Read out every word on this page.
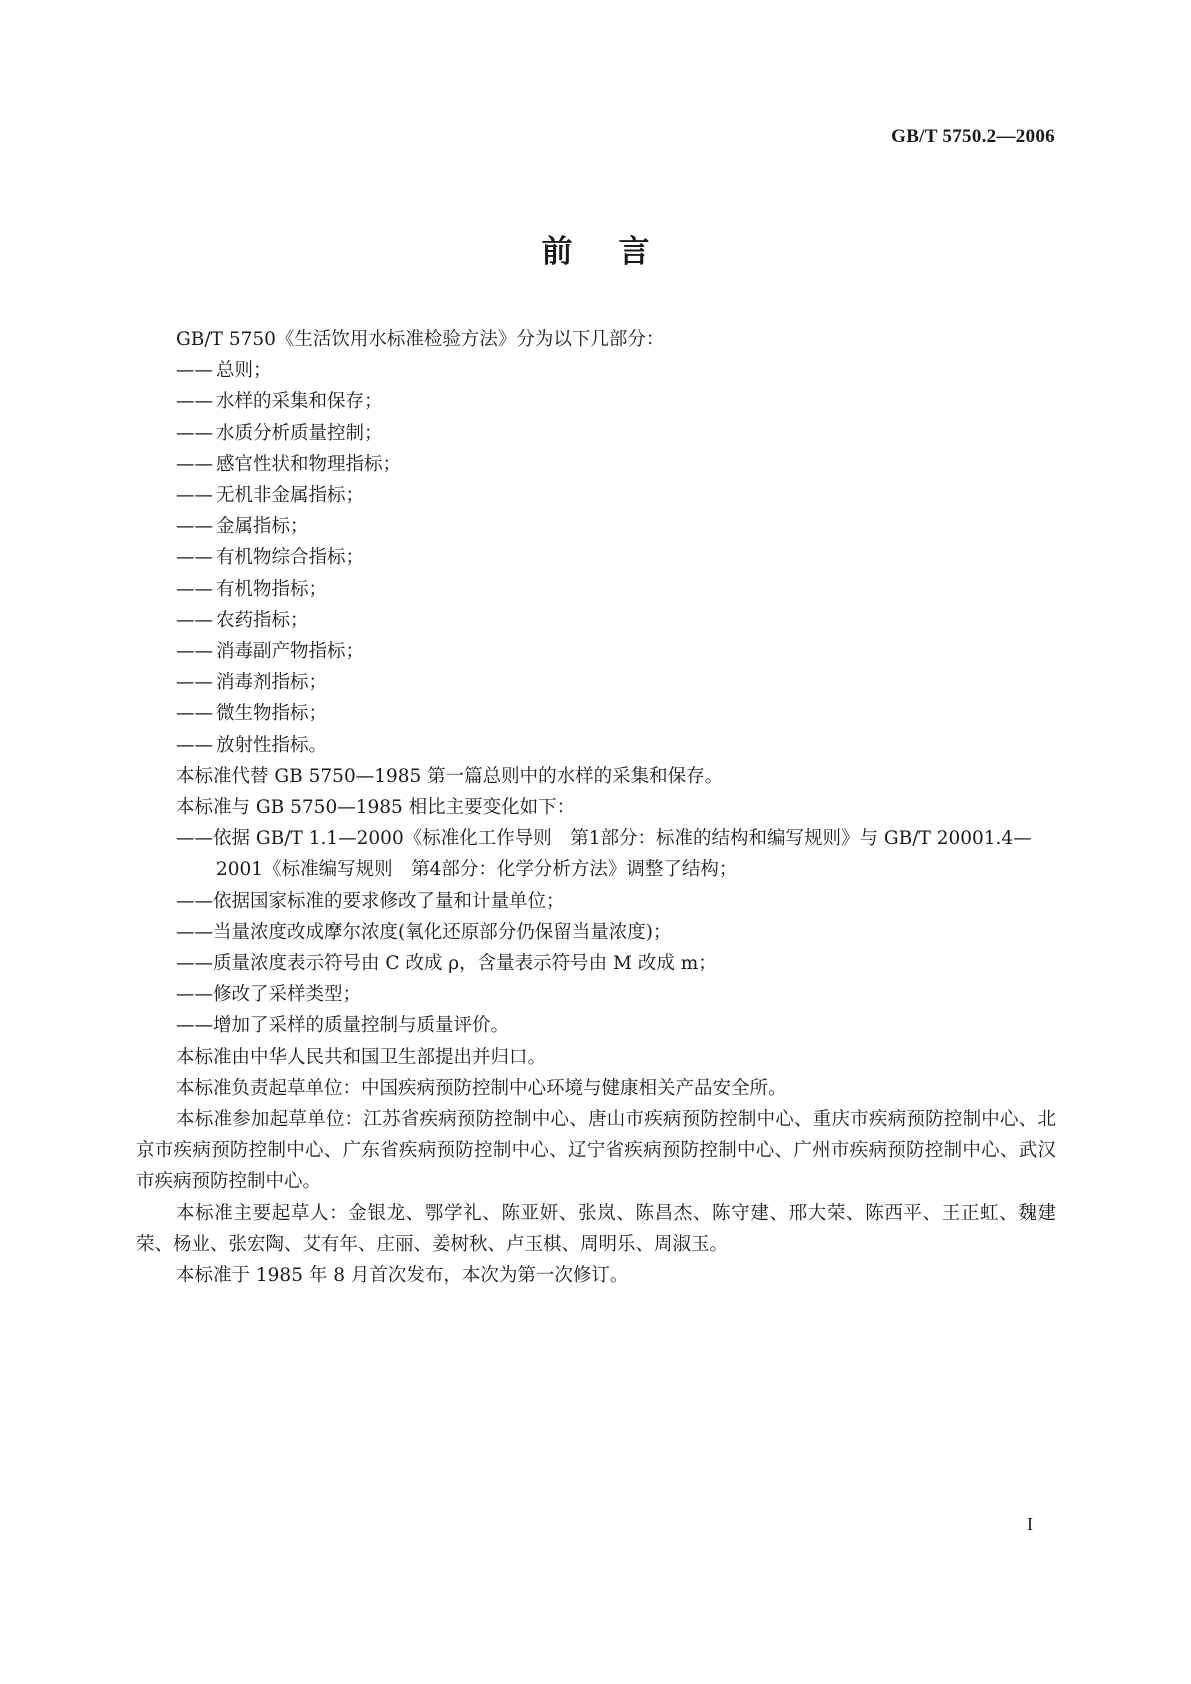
GB/T 5750.2—2006
前言

GB/T 5750《生活饮用水标准检验方法》分为以下几部分：

—— 总则；

—— 水样的采集和保存；

—— 水质分析质量控制；

—— 感官性状和物理指标；

—— 无机非金属指标；

—— 金属指标；

—— 有机物综合指标；

—— 有机物指标；

—— 农药指标；

—— 消毒副产物指标；

—— 消毒剂指标；

—— 微生物指标；

—— 放射性指标。

本标准代替 GB 5750—1985 第一篇总则中的水样的采集和保存。

本标准与 GB 5750—1985 相比主要变化如下：

——依据 GB/T 1.1—2000《标准化工作导则　第1部分：标准的结构和编写规则》与 GB/T 20001.4—2001《标准编写规则　第4部分：化学分析方法》调整了结构；

——依据国家标准的要求修改了量和计量单位；

——当量浓度改成摩尔浓度(氧化还原部分仍保留当量浓度)；

——质量浓度表示符号由 C 改成 ρ，含量表示符号由 M 改成 m；

——修改了采样类型；

——增加了采样的质量控制与质量评价。

本标准由中华人民共和国卫生部提出并归口。

本标准负责起草单位：中国疾病预防控制中心环境与健康相关产品安全所。

本标准参加起草单位：江苏省疾病预防控制中心、唐山市疾病预防控制中心、重庆市疾病预防控制中心、北京市疾病预防控制中心、广东省疾病预防控制中心、辽宁省疾病预防控制中心、广州市疾病预防控制中心、武汉市疾病预防控制中心。

本标准主要起草人：金银龙、鄂学礼、陈亚妍、张岚、陈昌杰、陈守建、邢大荣、陈西平、王正虹、魏建荣、杨业、张宏陶、艾有年、庄丽、姜树秋、卢玉棋、周明乐、周淑玉。

本标准于 1985 年 8 月首次发布，本次为第一次修订。

I
